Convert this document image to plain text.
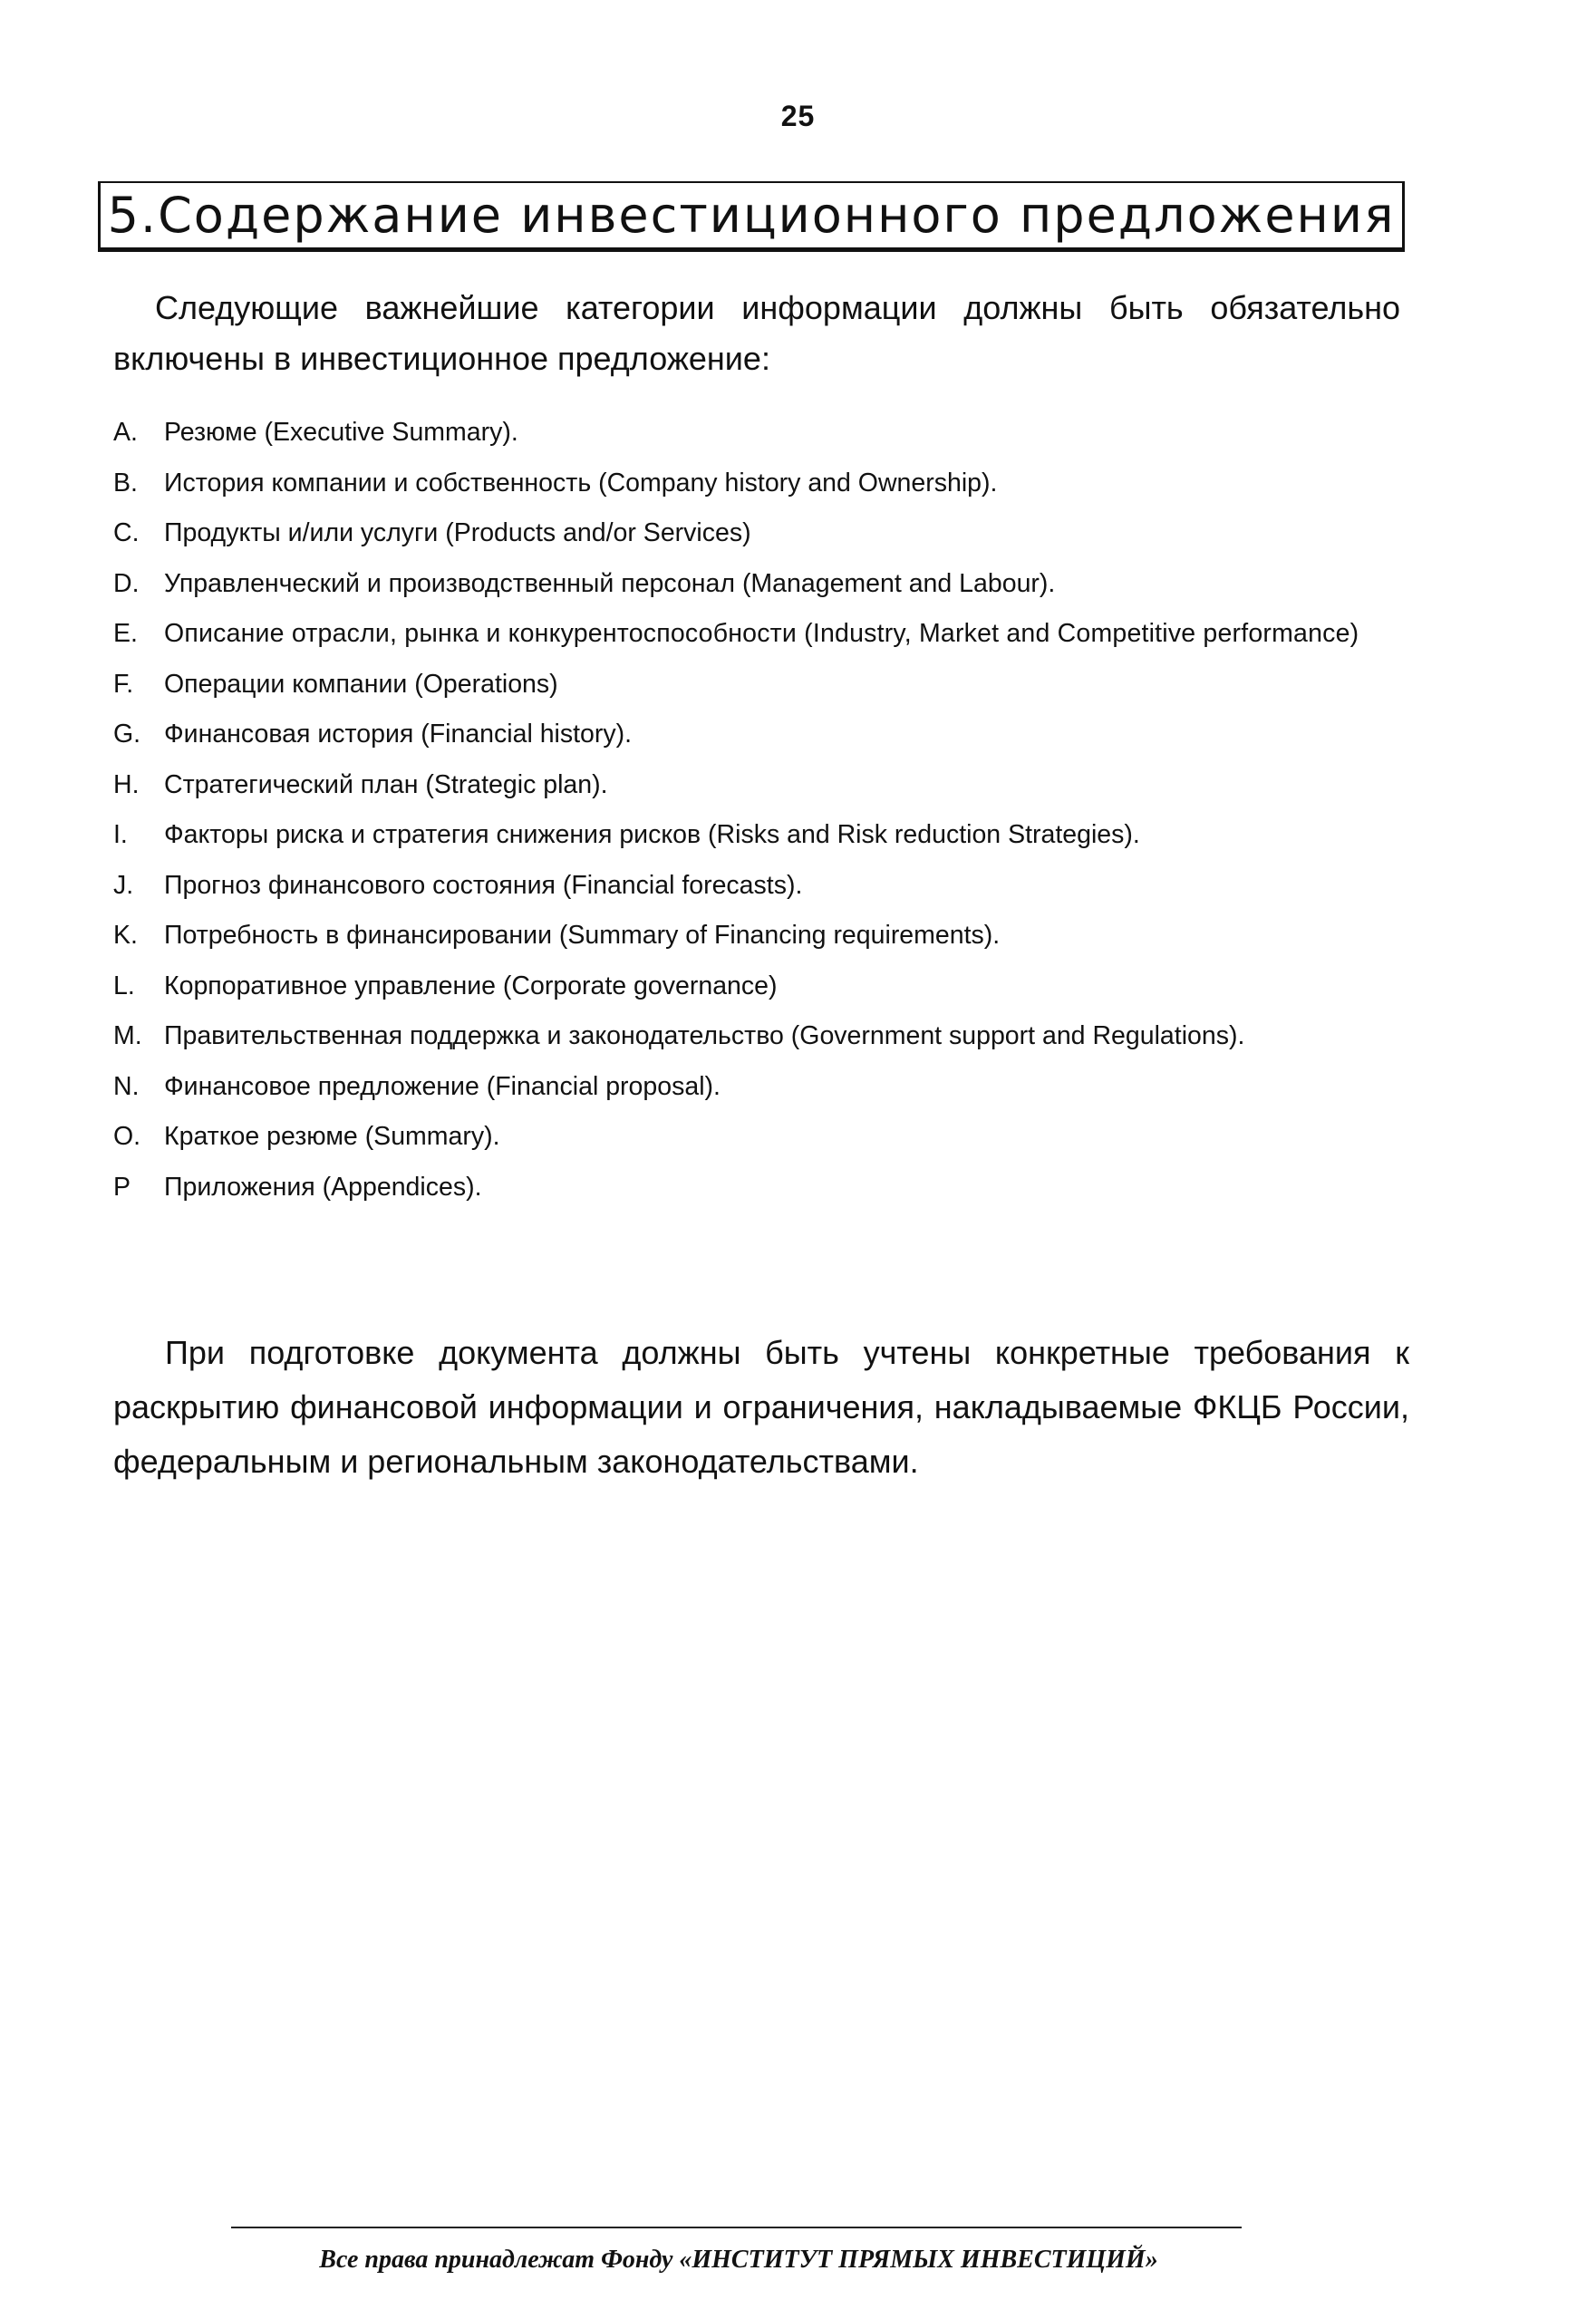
25
5.Содержание инвестиционного предложения

Следующие важнейшие категории информации должны быть обязательно включены в инвестиционное предложение:

A.	Резюме (Executive Summary).
B.	История компании и собственность (Company history and Ownership).
C. Продукты и/или услуги (Products and/or Services)
D. Управленческий и производственный персонал (Management and Labour).
E.	Описание отрасли, рынка и конкурентоспособности (Industry, Market and Competitive performance)
F.	Операции компании (Operations)
G. Финансовая история (Financial history).
H. Стратегический план (Strategic plan).
I.	Факторы риска и стратегия снижения рисков (Risks and Risk reduction Strategies).
J.	Прогноз финансового состояния (Financial forecasts).
K.	Потребность в финансировании (Summary of Financing requirements).
L.	Корпоративное управление (Corporate governance)
M. Правительственная поддержка и законодательство (Government support and Regulations).
N. Финансовое предложение (Financial proposal).
O. Краткое резюме (Summary).
P	Приложения (Appendices).

При подготовке документа должны быть учтены конкретные требования к раскрытию финансовой информации и ограничения, накладываемые ФКЦБ России, федеральным и региональным законодательствами.

Все права принадлежат Фонду «ИНСТИТУТ ПРЯМЫХ ИНВЕСТИЦИЙ»
